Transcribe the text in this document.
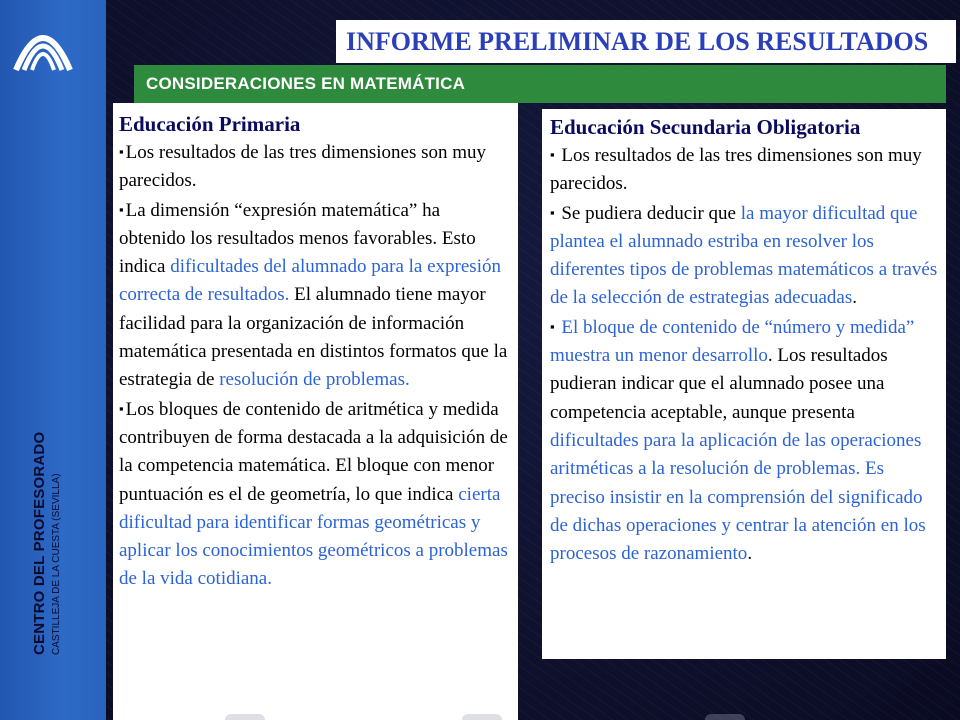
CENTRO DEL PROFESORADO CASTILLEJA DE LA CUESTA (SEVILLA)
INFORME PRELIMINAR DE LOS RESULTADOS
CONSIDERACIONES EN MATEMÁTICA
Educación Primaria

▪ Los resultados de las tres dimensiones son muy parecidos.

▪ La dimensión “expresión matemática” ha obtenido los resultados menos favorables. Esto indica dificultades del alumnado para la expresión correcta de resultados. El alumnado tiene mayor facilidad para la organización de información matemática presentada en distintos formatos que la estrategia de resolución de problemas.

▪ Los bloques de contenido de aritmética y medida contribuyen de forma destacada a la adquisición de la competencia matemática. El bloque con menor puntuación es el de geometría, lo que indica cierta dificultad para identificar formas geométricas y aplicar los conocimientos geométricos a problemas de la vida cotidiana.

Educación Secundaria Obligatoria

▪ Los resultados de las tres dimensiones son muy parecidos.

▪ Se pudiera deducir que la mayor dificultad que plantea el alumnado estriba en resolver los diferentes tipos de problemas matemáticos a través de la selección de estrategias adecuadas.

▪ El bloque de contenido de “número y medida” muestra un menor desarrollo. Los resultados pudieran indicar que el alumnado posee una competencia aceptable, aunque presenta dificultades para la aplicación de las operaciones aritméticas a la resolución de problemas. Es preciso insistir en la comprensión del significado de dichas operaciones y centrar la atención en los procesos de razonamiento.
